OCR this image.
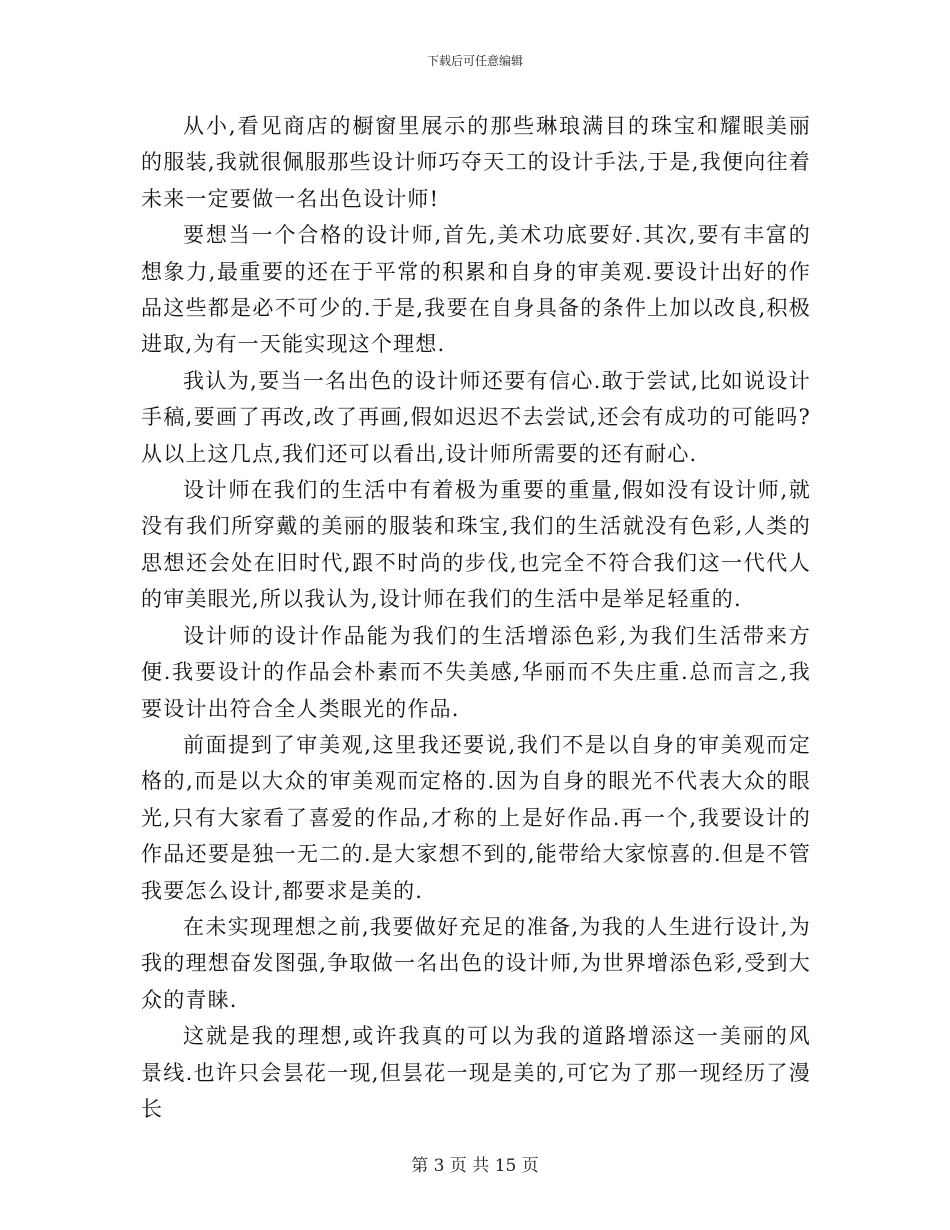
下载后可任意编辑

从小,看见商店的橱窗里展示的那些琳琅满目的珠宝和耀眼美丽的服装,我就很佩服那些设计师巧夺天工的设计手法,于是,我便向往着未来一定要做一名出色设计师!

要想当一个合格的设计师,首先,美术功底要好.其次,要有丰富的想象力,最重要的还在于平常的积累和自身的审美观.要设计出好的作品这些都是必不可少的.于是,我要在自身具备的条件上加以改良,积极进取,为有一天能实现这个理想.

我认为,要当一名出色的设计师还要有信心.敢于尝试,比如说设计手稿,要画了再改,改了再画,假如迟迟不去尝试,还会有成功的可能吗?从以上这几点,我们还可以看出,设计师所需要的还有耐心.

设计师在我们的生活中有着极为重要的重量,假如没有设计师,就没有我们所穿戴的美丽的服装和珠宝,我们的生活就没有色彩,人类的思想还会处在旧时代,跟不时尚的步伐,也完全不符合我们这一代代人的审美眼光,所以我认为,设计师在我们的生活中是举足轻重的.

设计师的设计作品能为我们的生活增添色彩,为我们生活带来方便.我要设计的作品会朴素而不失美感,华丽而不失庄重.总而言之,我要设计出符合全人类眼光的作品.

前面提到了审美观,这里我还要说,我们不是以自身的审美观而定格的,而是以大众的审美观而定格的.因为自身的眼光不代表大众的眼光,只有大家看了喜爱的作品,才称的上是好作品.再一个,我要设计的作品还要是独一无二的.是大家想不到的,能带给大家惊喜的.但是不管我要怎么设计,都要求是美的.

在未实现理想之前,我要做好充足的准备,为我的人生进行设计,为我的理想奋发图强,争取做一名出色的设计师,为世界增添色彩,受到大众的青睐.

这就是我的理想,或许我真的可以为我的道路增添这一美丽的风景线.也许只会昙花一现,但昙花一现是美的,可它为了那一现经历了漫长

第 3 页 共 15 页
